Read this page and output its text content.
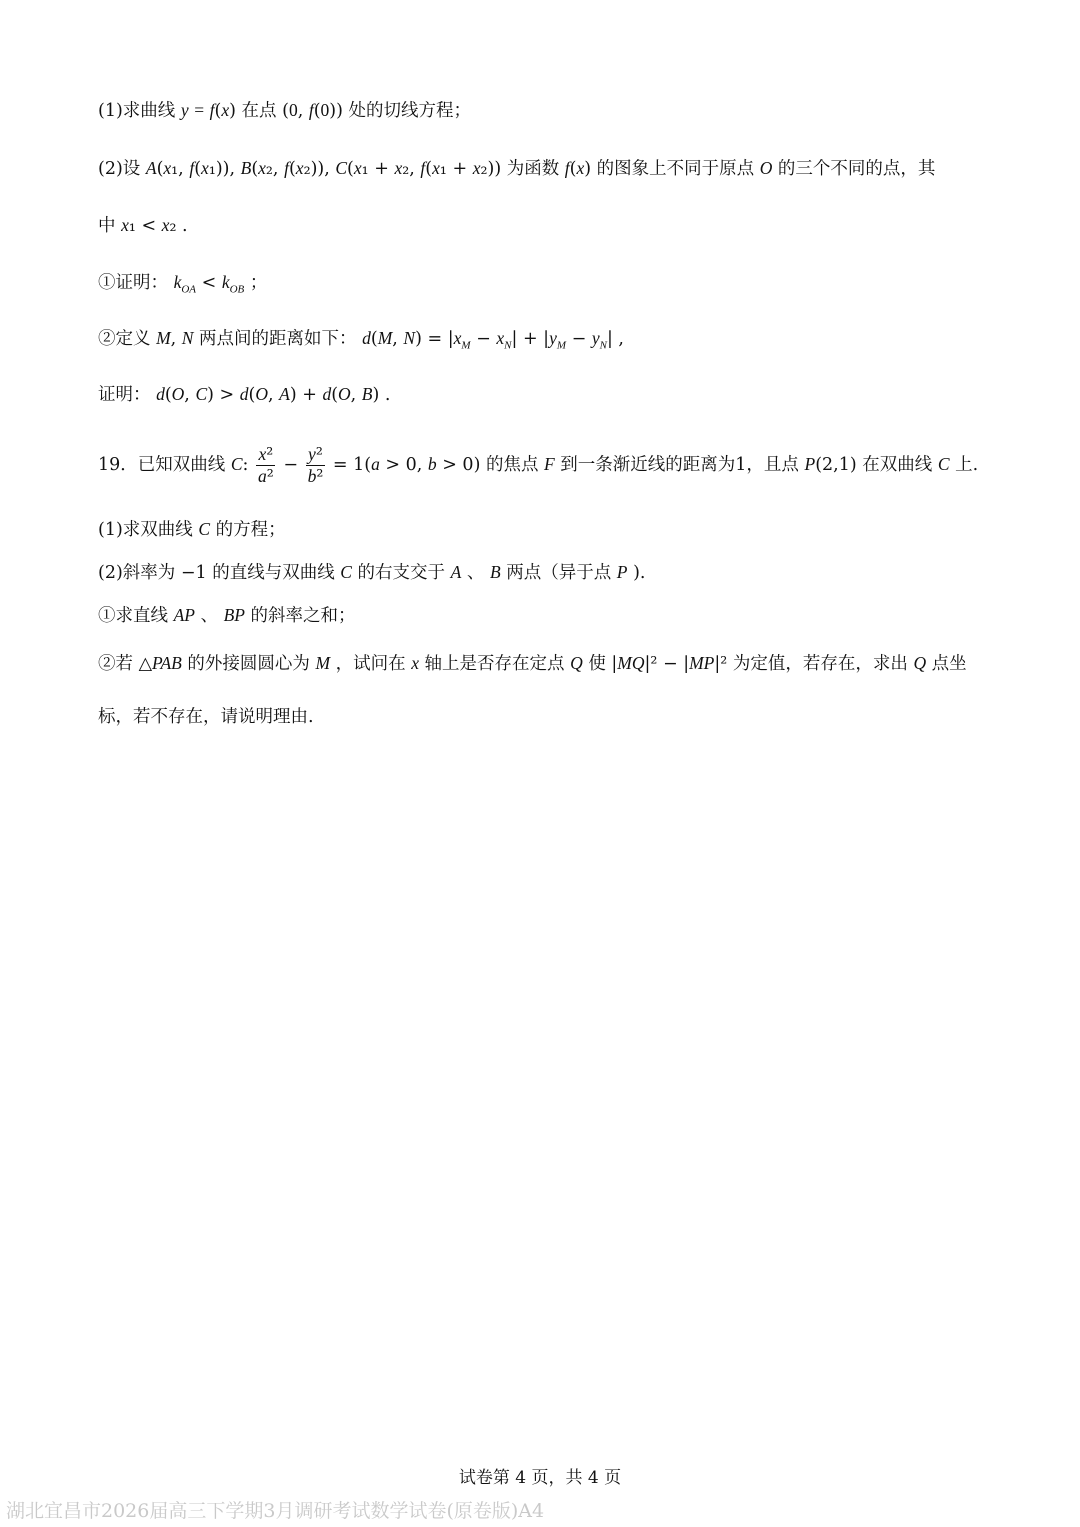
(1)求曲线 y = f(x) 在点 (0, f(0)) 处的切线方程；
(2)设 A(x₁, f(x₁)), B(x₂, f(x₂)), C(x₁ + x₂, f(x₁ + x₂)) 为函数 f(x) 的图象上不同于原点 O 的三个不同的点，其
中 x₁ < x₂ .
①证明： $k_{OA} < k_{OB}$ ；
②定义 M, N 两点间的距离如下： d(M, $N) = |x_M - x_N| + |y_M - y_N|$ ,
证明： d(O, C) > d(O, A) + d(O, B) .
19．已知双曲线 C: $\frac{\text{x²}}{\text{a²}} - \frac{\text{y²}}{\text{b²}} = 1(a > 0$, b > 0) 的焦点 F 到一条渐近线的距离为1，且点 P(2,1) 在双曲线 C 上.
(1)求双曲线 C 的方程；
(2)斜率为 −1 的直线与双曲线 C 的右支交于 A 、 B 两点（异于点 P ).
①求直线 AP 、 BP 的斜率之和；
②若 △PAB 的外接圆圆心为 M ，试问在 x 轴上是否存在定点 Q 使 |MQ|² − |MP|² 为定值，若存在，求出 Q 点坐
标，若不存在，请说明理由.
试卷第 4 页，共 4 页
湖北宜昌市2026届高三下学期3月调研考试数学试卷(原卷版)A4
